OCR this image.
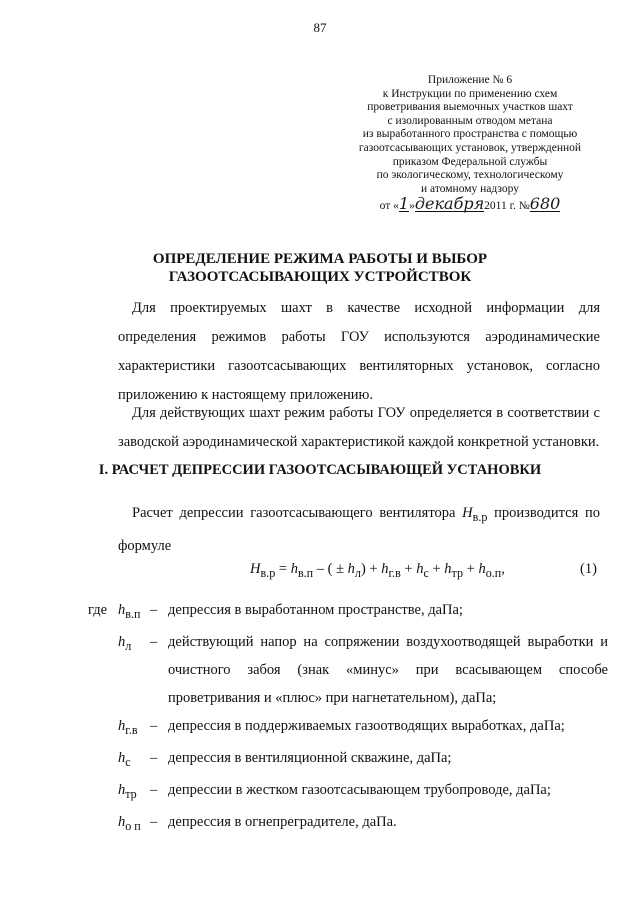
87
Приложение № 6
к Инструкции по применению схем
проветривания выемочных участков шахт
с изолированным отводом метана
из выработанного пространства с помощью
газоотсасывающих установок, утвержденной
приказом Федеральной службы
по экологическому, технологическому
и атомному надзору
от «1»декабря2011 г. №680
ОПРЕДЕЛЕНИЕ РЕЖИМА РАБОТЫ И ВЫБОР
ГАЗООТСАСЫВАЮЩИХ УСТРОЙСТВОК

Для проектируемых шахт в качестве исходной информации для определения режимов работы ГОУ используются аэродинамические характеристики газоотсасывающих вентиляторных установок, согласно приложению к настоящему приложению.

Для действующих шахт режим работы ГОУ определяется в соответствии с заводской аэродинамической характеристикой каждой конкретной установки.

I. РАСЧЕТ ДЕПРЕССИИ ГАЗООТСАСЫВАЮЩЕЙ УСТАНОВКИ

Расчет депрессии газоотсасывающего вентилятора $H_{в.р}$ производится по формуле

$H_{в.р} = h_{в.п}$ – ( ± $h_л) + h_{г.в} + h_с + h_{тр} + h_{о.п}$,	(1)
где $h_{в.п}$ – депрессия в выработанном пространстве, даПа;
$h_л$	– действующий напор на сопряжении воздухоотводящей выработки и очистного забоя (знак «минус» при всасывающем способе проветривания и «плюс» при нагнетательном), даПа;
$h_{г.в}$ – депрессия в поддерживаемых газоотводящих выработках, даПа;
$h_с$	– депрессия в вентиляционной скважине, даПа;
$h_{тр}$ – депрессии в жестком газоотсасывающем трубопроводе, даПа;
$h_{о п}$ – депрессия в огнепреградителе, даПа.
